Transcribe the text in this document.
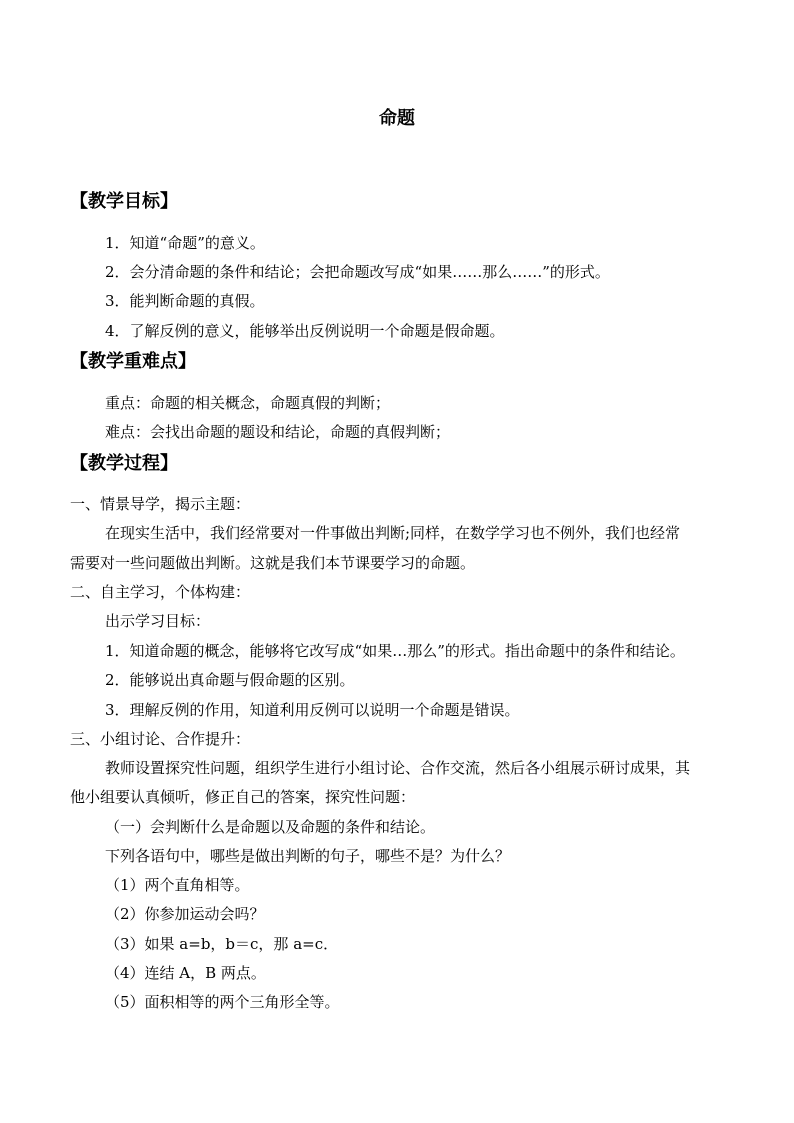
命题
【教学目标】
1．知道“命题”的意义。
2．会分清命题的条件和结论；会把命题改写成“如果……那么……”的形式。
3．能判断命题的真假。
4．了解反例的意义，能够举出反例说明一个命题是假命题。
【教学重难点】
重点：命题的相关概念，命题真假的判断；
难点：会找出命题的题设和结论，命题的真假判断；
【教学过程】
一、情景导学，揭示主题：
在现实生活中，我们经常要对一件事做出判断;同样，在数学学习也不例外，我们也经常
需要对一些问题做出判断。这就是我们本节课要学习的命题。
二、自主学习，个体构建：
出示学习目标：
1．知道命题的概念，能够将它改写成“如果…那么”的形式。指出命题中的条件和结论。
2．能够说出真命题与假命题的区别。
3．理解反例的作用，知道利用反例可以说明一个命题是错误。
三、小组讨论、合作提升：
教师设置探究性问题，组织学生进行小组讨论、合作交流，然后各小组展示研讨成果，其
他小组要认真倾听，修正自己的答案，探究性问题：
（一）会判断什么是命题以及命题的条件和结论。
下列各语句中，哪些是做出判断的句子，哪些不是？为什么？
（1）两个直角相等。
（2）你参加运动会吗？
（3）如果 a=b，b＝c，那 a=c．
（4）连结 A，B 两点。
（5）面积相等的两个三角形全等。
